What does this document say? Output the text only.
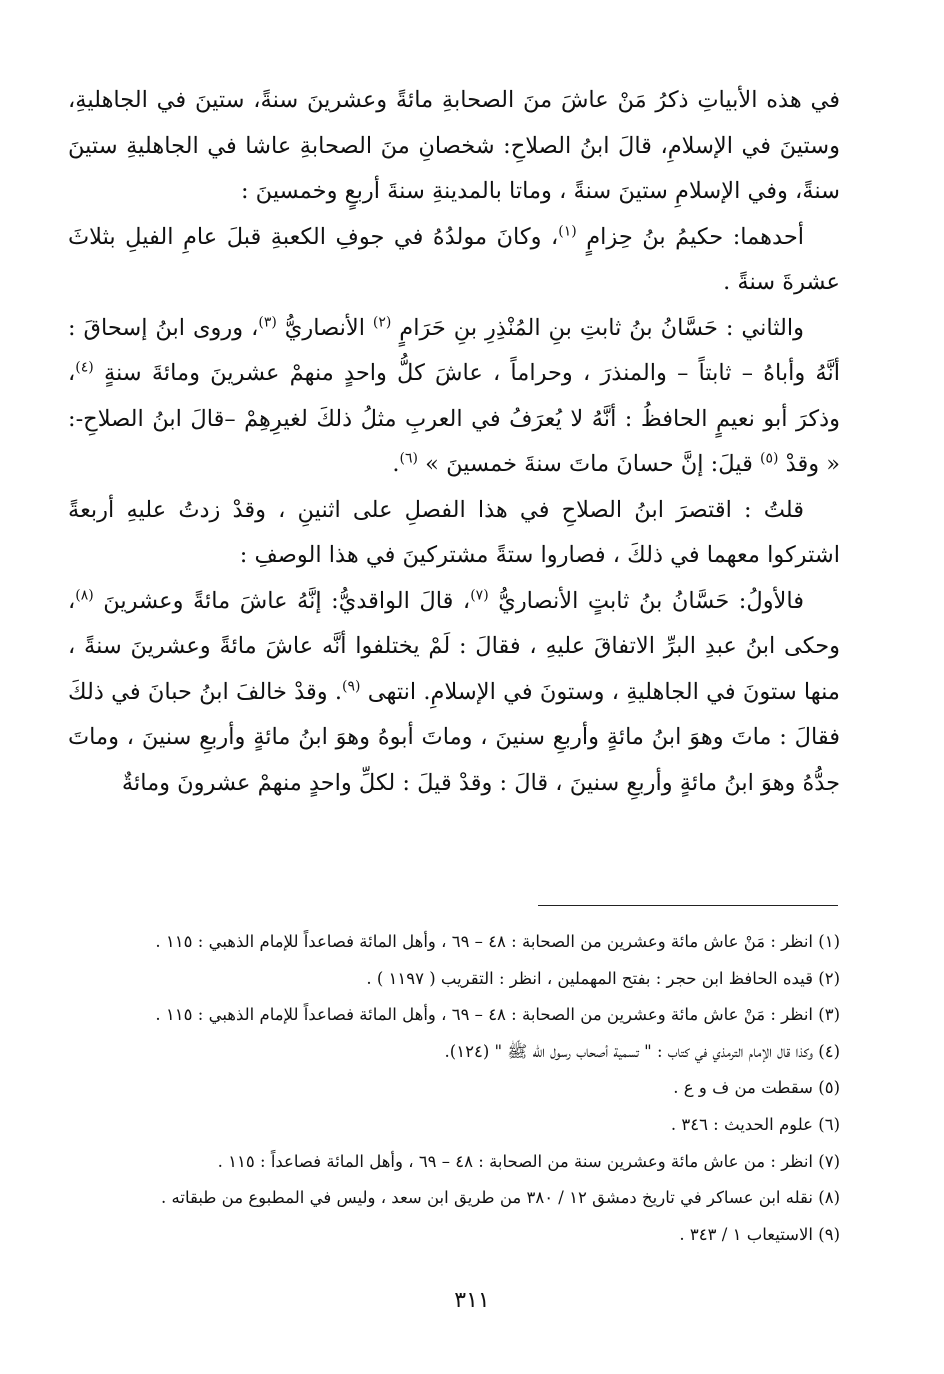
في هذه الأبياتِ ذكرُ مَنْ عاشَ منَ الصحابةِ مائةً وعشرينَ سنةً، ستينَ في الجاهليةِ، وستينَ في الإسلامِ، قالَ ابنُ الصلاحِ: شخصانِ منَ الصحابةِ عاشا في الجاهليةِ ستينَ سنةً، وفي الإسلامِ ستينَ سنةً ، وماتا بالمدينةِ سنةَ أربعٍ وخمسينَ :

أحدهما: حكيمُ بنُ حِزامٍ $^{(١)}$، وكانَ مولدُهُ في جوفِ الكعبةِ قبلَ عامِ الفيلِ بثلاثَ عشرةَ سنةً .

والثاني : حَسَّانُ بنُ ثابتِ بنِ المُنْذِرِ بنِ حَرَامٍ $^{(٢)}$ الأنصاريُّ $^{(٣)}$، وروى ابنُ إسحاقَ : أنَّهُ وأباهُ – ثابتاً – والمنذرَ ، وحراماً ، عاشَ كلُّ واحدٍ منهمْ عشرينَ ومائةَ سنةٍ $^{(٤)}$، وذكرَ أبو نعيمٍ الحافظُ : أنَّهُ لا يُعرَفُ في العربِ مثلُ ذلكَ لغيرِهِمْ –قالَ ابنُ الصلاحِ-: « وقدْ $^{(٥)}$ قيلَ: إنَّ حسانَ ماتَ سنةَ خمسينَ » $^{(٦)}$.

قلتُ : اقتصرَ ابنُ الصلاحِ في هذا الفصلِ على اثنينِ ، وقدْ زدتُ عليهِ أربعةً اشتركوا معهما في ذلكَ ، فصاروا ستةً مشتركينَ في هذا الوصفِ :

فالأولُ: حَسَّانُ بنُ ثابتٍ الأنصاريُّ $^{(٧)}$، قالَ الواقديُّ: إنَّهُ عاشَ مائةً وعشرينَ $^{(٨)}$، وحكى ابنُ عبدِ البرِّ الاتفاقَ عليهِ ، فقالَ : لَمْ يختلفوا أنَّه عاشَ مائةً وعشرينَ سنةً ، منها ستونَ في الجاهليةِ ، وستونَ في الإسلامِ. انتهى $^{(٩)}$. وقدْ خالفَ ابنُ حبانَ في ذلكَ فقالَ : ماتَ وهوَ ابنُ مائةٍ وأربعِ سنينَ ، وماتَ أبوهُ وهوَ ابنُ مائةٍ وأربعِ سنينَ ، وماتَ جدُّهُ وهوَ ابنُ مائةٍ وأربعِ سنينَ ، قالَ : وقدْ قيلَ : لكلِّ واحدٍ منهمْ عشرونَ ومائةٌ

(١) انظر : مَنْ عاش مائة وعشرين من الصحابة : ٤٨ – ٦٩ ، وأهل المائة فصاعداً للإمام الذهبي : ١١٥ .
(٢) قيده الحافظ ابن حجر : بفتح المهملين ، انظر : التقريب ( ١١٩٧ ) .
(٣) انظر : مَنْ عاش مائة وعشرين من الصحابة : ٤٨ – ٦٩ ، وأهل المائة فصاعداً للإمام الذهبي : ١١٥ .
(٤) وكذا قال الإمام الترمذي في كتاب : " تسمية أصحاب رسول الله ﷺ " (١٢٤).
(٥) سقطت من ف و ع .
(٦) علوم الحديث : ٣٤٦ .
(٧) انظر : من عاش مائة وعشرين سنة من الصحابة : ٤٨ – ٦٩ ، وأهل المائة فصاعداً : ١١٥ .
(٨) نقله ابن عساكر في تاريخ دمشق ١٢ / ٣٨٠ من طريق ابن سعد ، وليس في المطبوع من طبقاته .
(٩) الاستيعاب ١ / ٣٤٣ .
٣١١
